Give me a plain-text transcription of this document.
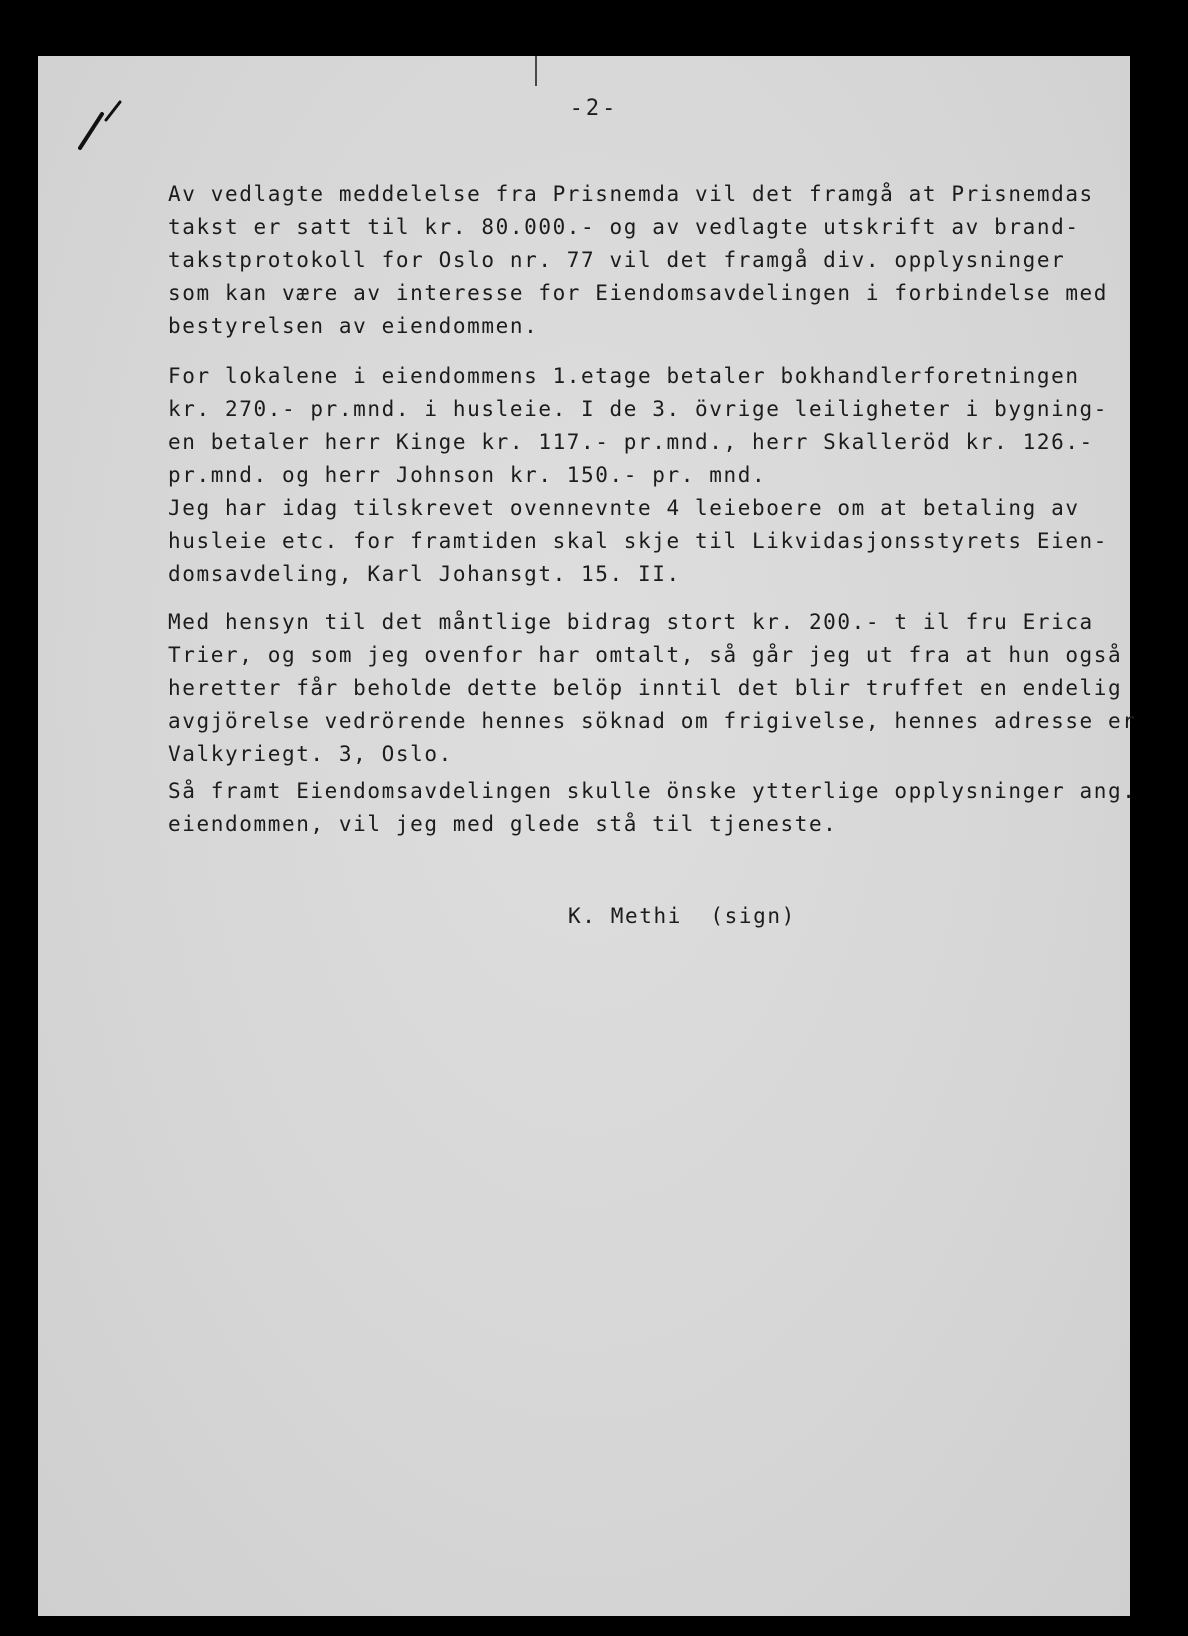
-2-
Av vedlagte meddelelse fra Prisnemda vil det framgå at Prisnemdas
takst er satt til kr. 80.000.- og av vedlagte utskrift av brand-
takstprotokoll for Oslo nr. 77 vil det framgå div. opplysninger
som kan være av interesse for Eiendomsavdelingen i forbindelse med
bestyrelsen av eiendommen.
For lokalene i eiendommens 1.etage betaler bokhandlerforetningen
kr. 270.- pr.mnd. i husleie. I de 3. övrige leiligheter i bygning-
en betaler herr Kinge kr. 117.- pr.mnd., herr Skalleröd kr. 126.-
pr.mnd. og herr Johnson kr. 150.- pr. mnd.
Jeg har idag tilskrevet ovennevnte 4 leieboere om at betaling av
husleie etc. for framtiden skal skje til Likvidasjonsstyrets Eien-
domsavdeling, Karl Johansgt. 15. II.
Med hensyn til det måntlige bidrag stort kr. 200.- t il fru Erica
Trier, og som jeg ovenfor har omtalt, så går jeg ut fra at hun også
heretter får beholde dette belöp inntil det blir truffet en endelig
avgjörelse vedrörende hennes söknad om frigivelse, hennes adresse er
Valkyriegt. 3, Oslo.
Så framt Eiendomsavdelingen skulle önske ytterlige opplysninger ang.
eiendommen, vil jeg med glede stå til tjeneste.
K. Methi  (sign)
